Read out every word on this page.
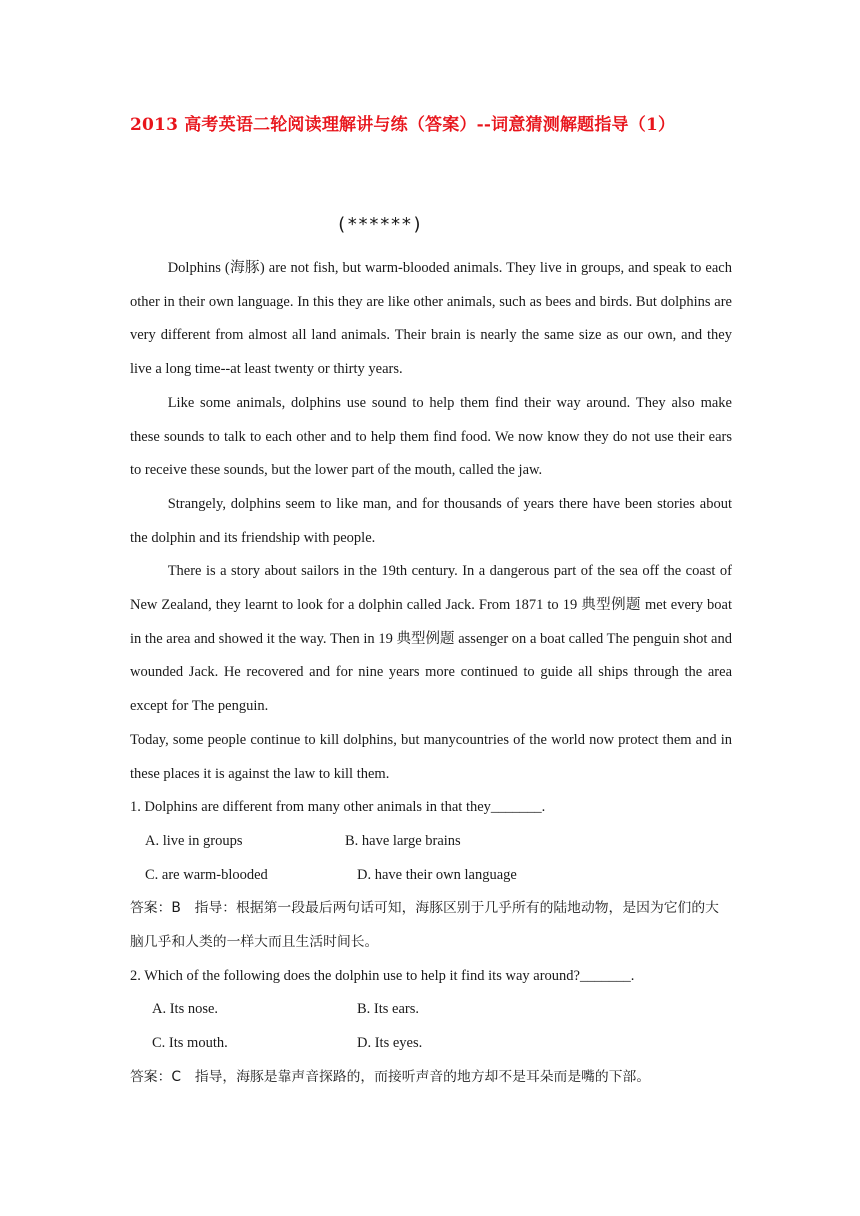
2013 高考英语二轮阅读理解讲与练（答案）--词意猜测解题指导（1）
(******)

Dolphins (海豚) are not fish, but warm-blooded animals. They live in groups, and speak to each other in their own language. In this they are like other animals, such as bees and birds. But dolphins are very different from almost all land animals. Their brain is nearly the same size as our own, and they live a long time--at least twenty or thirty years.

Like some animals, dolphins use sound to help them find their way around. They also make these sounds to talk to each other and to help them find food. We now know they do not use their ears to receive these sounds, but the lower part of the mouth, called the jaw.

Strangely, dolphins seem to like man, and for thousands of years there have been stories about the dolphin and its friendship with people.

There is a story about sailors in the 19th century. In a dangerous part of the sea off the coast of New Zealand, they learnt to look for a dolphin called Jack. From 1871 to 19 典型例题 met every boat in the area and showed it the way. Then in 19 典型例题 assenger on a boat called The penguin shot and wounded Jack. He recovered and for nine years more continued to guide all ships through the area except for The penguin.

Today, some people continue to kill dolphins, but manycountries of the world now protect them and in these places it is against the law to kill them.

1. Dolphins are different from many other animals in that they_______.

A. live in groups	B. have large brains
C. are warm-blooded	D. have their own language

答案：B　指导：根据第一段最后两句话可知，海豚区别于几乎所有的陆地动物，是因为它们的大脑几乎和人类的一样大而且生活时间长。

2. Which of the following does the dolphin use to help it find its way around?_______.

A. Its nose.	B. Its ears.
C. Its mouth.	D. Its eyes.

答案：C　指导，海豚是靠声音探路的，而接听声音的地方却不是耳朵而是嘴的下部。
